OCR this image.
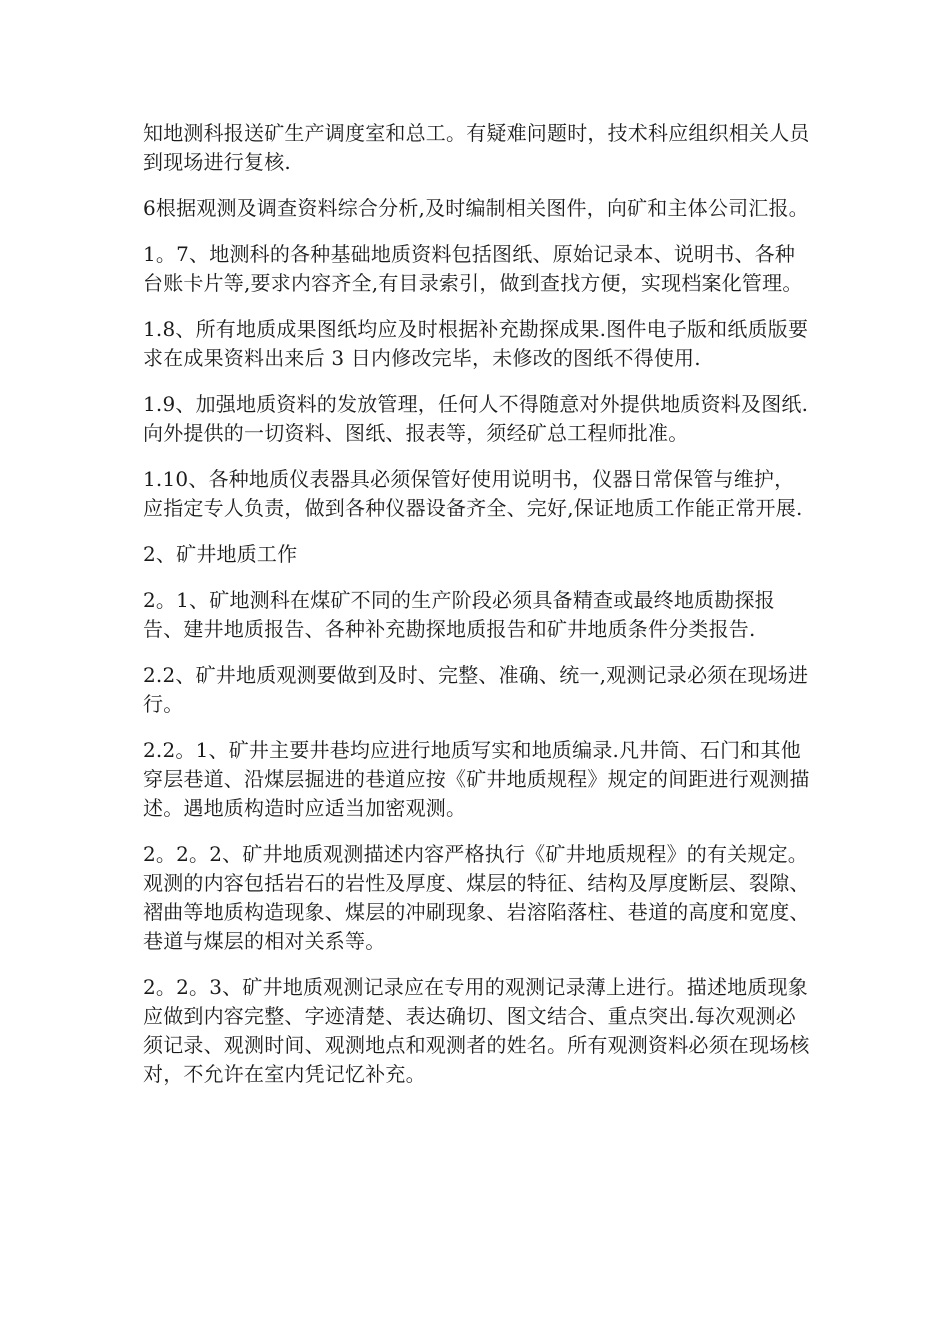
知地测科报送矿生产调度室和总工。有疑难问题时，技术科应组织相关人员到现场进行复核.

6根据观测及调查资料综合分析,及时编制相关图件，向矿和主体公司汇报。

1。7、地测科的各种基础地质资料包括图纸、原始记录本、说明书、各种台账卡片等,要求内容齐全,有目录索引，做到查找方便，实现档案化管理。

1.8、所有地质成果图纸均应及时根据补充勘探成果.图件电子版和纸质版要求在成果资料出来后 3 日内修改完毕，未修改的图纸不得使用.

1.9、加强地质资料的发放管理，任何人不得随意对外提供地质资料及图纸.向外提供的一切资料、图纸、报表等，须经矿总工程师批准。

1.10、各种地质仪表器具必须保管好使用说明书，仪器日常保管与维护，应指定专人负责，做到各种仪器设备齐全、完好,保证地质工作能正常开展.

2、矿井地质工作

2。1、矿地测科在煤矿不同的生产阶段必须具备精查或最终地质勘探报告、建井地质报告、各种补充勘探地质报告和矿井地质条件分类报告.

2.2、矿井地质观测要做到及时、完整、准确、统一,观测记录必须在现场进行。

2.2。1、矿井主要井巷均应进行地质写实和地质编录.凡井筒、石门和其他穿层巷道、沿煤层掘进的巷道应按《矿井地质规程》规定的间距进行观测描述。遇地质构造时应适当加密观测。

2。2。2、矿井地质观测描述内容严格执行《矿井地质规程》的有关规定。观测的内容包括岩石的岩性及厚度、煤层的特征、结构及厚度断层、裂隙、褶曲等地质构造现象、煤层的冲刷现象、岩溶陷落柱、巷道的高度和宽度、巷道与煤层的相对关系等。

2。2。3、矿井地质观测记录应在专用的观测记录薄上进行。描述地质现象应做到内容完整、字迹清楚、表达确切、图文结合、重点突出.每次观测必须记录、观测时间、观测地点和观测者的姓名。所有观测资料必须在现场核对，不允许在室内凭记忆补充。
